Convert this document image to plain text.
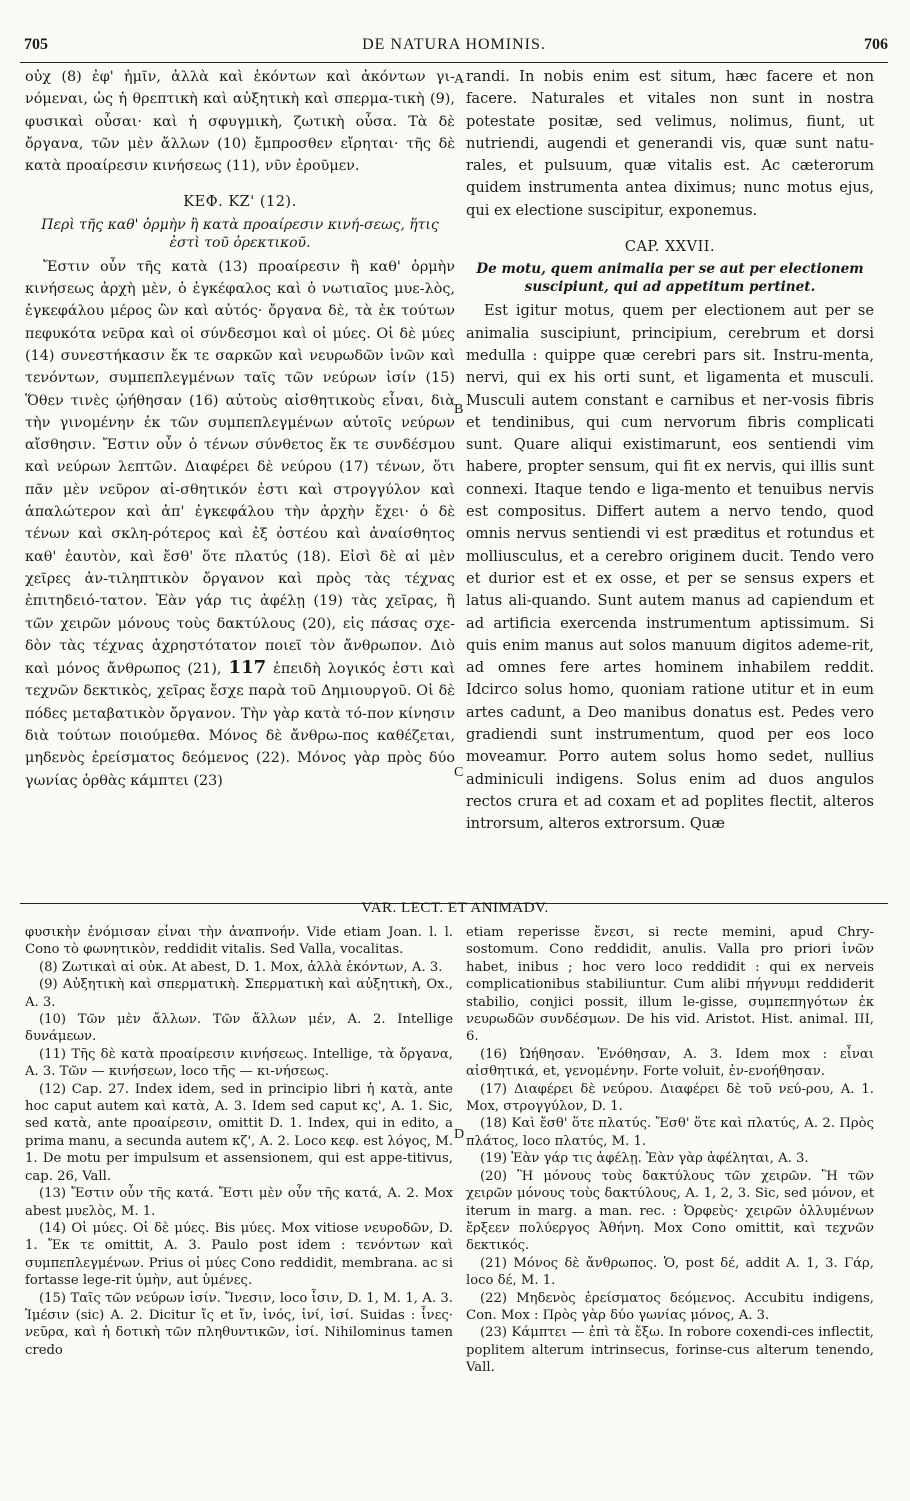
705	DE NATURA HOMINIS.	706

οὐχ (8) ἐφ' ἡμῖν, ἀλλὰ καὶ ἑκόντων καὶ ἀκόντων γι-νόμεναι, ὡς ἡ θρεπτικὴ καὶ αὐξητικὴ καὶ σπερμα-τικὴ (9), φυσικαὶ οὖσαι· καὶ ἡ σφυγμικὴ, ζωτικὴ οὖσα. Τὰ δὲ ὄργανα, τῶν μὲν ἄλλων (10) ἔμπροσθεν εἴρηται· τῆς δὲ κατὰ προαίρεσιν κινήσεως (11), νῦν ἐροῦμεν.

ΚΕΦ. ΚΖ' (12).
Περὶ τῆς καθ' ὁρμὴν ἢ κατὰ προαίρεσιν κινή-σεως, ἥτις ἐστὶ τοῦ ὀρεκτικοῦ.

Ἔστιν οὖν τῆς κατὰ (13) προαίρεσιν ἢ καθ' ὁρμὴν κινήσεως ἀρχὴ μὲν, ὁ ἐγκέφαλος καὶ ὁ νωτιαῖος μυε-λὸς, ἐγκεφάλου μέρος ὢν καὶ αὐτός· ὄργανα δὲ, τὰ ἐκ τούτων πεφυκότα νεῦρα καὶ οἱ σύνδεσμοι καὶ οἱ μύες. Οἱ δὲ μύες (14) συνεστήκασιν ἔκ τε σαρκῶν καὶ νευρωδῶν ἰνῶν καὶ τενόντων, συμπεπλεγμένων ταῖς τῶν νεύρων ἰσίν (15) Ὅθεν τινὲς ᾠήθησαν (16) αὐτοὺς αἰσθητικοὺς εἶναι, διὰ τὴν γινομένην ἐκ τῶν συμπεπλεγμένων αὐτοῖς νεύρων αἴσθησιν. Ἔστιν οὖν ὁ τένων σύνθετος ἔκ τε συνδέσμου καὶ νεύρων λεπτῶν. Διαφέρει δὲ νεύρου (17) τένων, ὅτι πᾶν μὲν νεῦρον αἰ-σθητικόν ἐστι καὶ στρογγύλον καὶ ἁπαλώτερον καὶ ἀπ' ἐγκεφάλου τὴν ἀρχὴν ἔχει· ὁ δὲ τένων καὶ σκλη-ρότερος καὶ ἐξ ὀστέου καὶ ἀναίσθητος καθ' ἑαυτὸν, καὶ ἔσθ' ὅτε πλατύς (18). Εἰσὶ δὲ αἱ μὲν χεῖρες ἀν-τιληπτικὸν ὄργανον καὶ πρὸς τὰς τέχνας ἐπιτηδειό-τατον. Ἐὰν γάρ τις ἀφέλῃ (19) τὰς χεῖρας, ἢ τῶν χειρῶν μόνους τοὺς δακτύλους (20), εἰς πάσας σχε-δὸν τὰς τέχνας ἀχρηστότατον ποιεῖ τὸν ἄνθρωπον. Διὸ καὶ μόνος ἄνθρωπος (21), 117 ἐπειδὴ λογικός ἐστι καὶ τεχνῶν δεκτικὸς, χεῖρας ἔσχε παρὰ τοῦ Δημιουργοῦ. Οἱ δὲ πόδες μεταβατικὸν ὄργανον. Τὴν γὰρ κατὰ τό-πον κίνησιν διὰ τούτων ποιούμεθα. Μόνος δὲ ἄνθρω-πος καθέζεται, μηδενὸς ἐρείσματος δεόμενος (22). Μόνος γὰρ πρὸς δύο γωνίας ὀρθὰς κάμπτει (23)

A
B
C
D

randi. In nobis enim est situm, hæc facere et non facere. Naturales et vitales non sunt in nostra potestate positæ, sed velimus, nolimus, fiunt, ut nutriendi, augendi et generandi vis, quæ sunt natu-rales, et pulsuum, quæ vitalis est. Ac cæterorum quidem instrumenta antea diximus; nunc motus ejus, qui ex electione suscipitur, exponemus.

CAP. XXVII.
De motu, quem animalia per se aut per electionem suscipiunt, qui ad appetitum pertinet.

Est igitur motus, quem per electionem aut per se animalia suscipiunt, principium, cerebrum et dorsi medulla : quippe quæ cerebri pars sit. Instru-menta, nervi, qui ex his orti sunt, et ligamenta et musculi. Musculi autem constant e carnibus et ner-vosis fibris et tendinibus, qui cum nervorum fibris complicati sunt. Quare aliqui existimarunt, eos sentiendi vim habere, propter sensum, qui fit ex nervis, qui illis sunt connexi. Itaque tendo e liga-mento et tenuibus nervis est compositus. Differt autem a nervo tendo, quod omnis nervus sentiendi vi est præditus et rotundus et molliusculus, et a cerebro originem ducit. Tendo vero et durior est et ex osse, et per se sensus expers et latus ali-quando. Sunt autem manus ad capiendum et ad artificia exercenda instrumentum aptissimum. Si quis enim manus aut solos manuum digitos ademe-rit, ad omnes fere artes hominem inhabilem reddit. Idcirco solus homo, quoniam ratione utitur et in eum artes cadunt, a Deo manibus donatus est. Pedes vero gradiendi sunt instrumentum, quod per eos loco moveamur. Porro autem solus homo sedet, nullius adminiculi indigens. Solus enim ad duos angulos rectos crura et ad coxam et ad poplites flectit, alteros introrsum, alteros extrorsum. Quæ

VAR. LECT. ET ANIMADV.

φυσικὴν ἐνόμισαν εἶναι τὴν ἀναπνοήν. Vide etiam Joan. l. l. Cono τὸ φωνητικὸν, reddidit vitalis. Sed Valla, vocalitas.

(8) Ζωτικαὶ αἱ οὐκ. At abest, D. 1. Mox, ἀλλὰ ἑκόντων, A. 3.

(9) Αὐξητικὴ καὶ σπερματικὴ. Σπερματικὴ καὶ αὐξητικὴ, Ox., A. 3.

(10) Τῶν μὲν ἄλλων. Τῶν ἄλλων μέν, A. 2. Intellige δυνάμεων.

(11) Τῆς δὲ κατὰ προαίρεσιν κινήσεως. Intellige, τὰ ὄργανα, A. 3. Τῶν — κινήσεων, loco τῆς — κι-νήσεως.

(12) Cap. 27. Index idem, sed in principio libri ἡ κατὰ, ante hoc caput autem καὶ κατὰ, A. 3. Idem sed caput κς', A. 1. Sic, sed κατὰ, ante προαίρεσιν, omittit D. 1. Index, qui in edito, a prima manu, a secunda autem κζ', A. 2. Loco κεφ. est λόγος, M. 1. De motu per impulsum et assensionem, qui est appe-titivus, cap. 26, Vall.

(13) Ἔστιν οὖν τῆς κατά. Ἔστι μὲν οὖν τῆς κατά, A. 2. Mox abest μυελὸς, M. 1.

(14) Οἱ μύες. Οἱ δὲ μύες. Bis μύες. Mox vitiose νευροδῶν, D. 1. Ἔκ τε omittit, A. 3. Paulo post idem : τενόντων καὶ συμπεπλεγμένων. Prius οἱ μύες Cono reddidit, membrana. ac si fortasse lege-rit ὑμὴν, aut ὑμένες.

(15) Ταῖς τῶν νεύρων ἰσίν. Ἴνεσιν, loco ἶσιν, D. 1, M. 1, A. 3. Ἰμέσιν (sic) A. 2. Dicitur ἴς et ἴν, ἰνός, ἰνί, ἰσί. Suidas : ἶνες· νεῦρα, καὶ ἡ δοτικὴ τῶν πληθυντικῶν, ἰσί. Nihilominus tamen credo

etiam reperisse ἔνεσι, si recte memini, apud Chry-sostomum. Cono reddidit, anulis. Valla pro priori ἰνῶν habet, inibus ; hoc vero loco reddidit : qui ex nerveis complicationibus stabiliuntur. Cum alibi πήγνυμι reddiderit stabilio, conjici possit, illum le-gisse, συμπεπηγότων ἐκ νευρωδῶν συνδέσμων. De his vid. Aristot. Hist. animal. III, 6.

(16) Ὠήθησαν. Ἐνόθησαν, A. 3. Idem mox : εἶναι αἰσθητικά, et, γενομένην. Forte voluit, ἐν-ενοήθησαν.

(17) Διαφέρει δὲ νεύρου. Διαφέρει δὲ τοῦ νεύ-ρου, A. 1. Mox, στρογγύλον, D. 1.

(18) Καὶ ἔσθ' ὅτε πλατύς. Ἔσθ' ὅτε καὶ πλατύς, A. 2. Πρὸς πλάτος, loco πλατύς, M. 1.

(19) Ἐὰν γάρ τις ἀφέλῃ. Ἐὰν γὰρ ἀφέληται, A. 3.

(20) Ἢ μόνους τοὺς δακτύλους τῶν χειρῶν. Ἢ τῶν χειρῶν μόνους τοὺς δακτύλους, A. 1, 2, 3. Sic, sed μόνον, et iterum in marg. a man. rec. : Ὀρφεὺς· χειρῶν ὀλλυμένων ἔρξεεν πολύεργος Ἀθήνη. Mox Cono omittit, καὶ τεχνῶν δεκτικός.

(21) Μόνος δὲ ἄνθρωπος. Ὁ, post δέ, addit A. 1, 3. Γάρ, loco δέ, M. 1.

(22) Μηδενὸς ἐρείσματος δεόμενος. Accubitu indigens, Con. Mox : Πρὸς γὰρ δύο γωνίας μόνος, A. 3.

(23) Κάμπτει — ἐπὶ τὰ ἔξω. In robore coxendi-ces inflectit, poplitem alterum intrinsecus, forinse-cus alterum tenendo, Vall.
